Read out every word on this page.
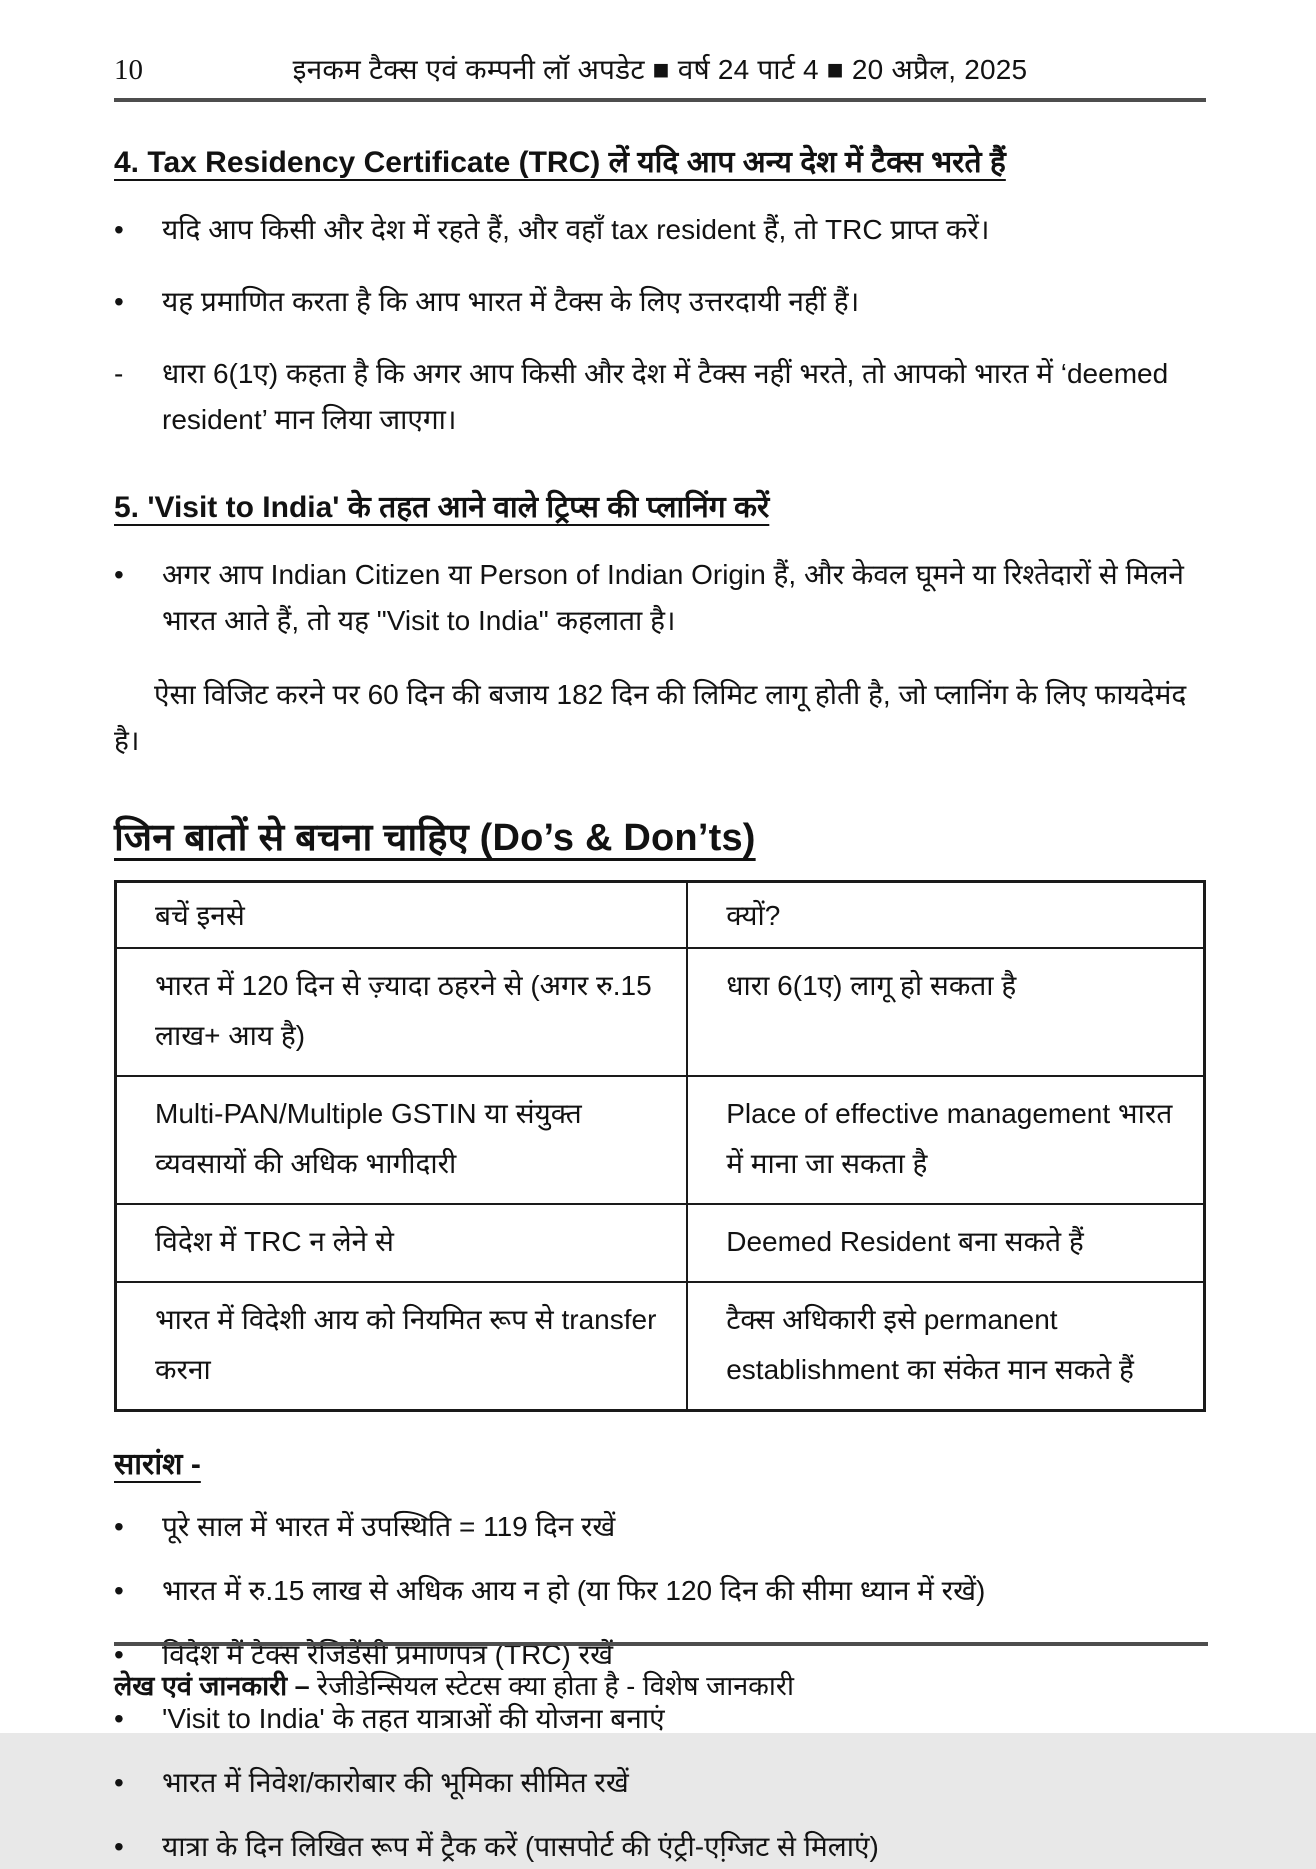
10	इनकम टैक्स एवं कम्पनी लॉ अपडेट ■ वर्ष 24 पार्ट 4 ■ 20 अप्रैल, 2025
4. Tax Residency Certificate (TRC) लें यदि आप अन्य देश में टैक्स भरते हैं
•	यदि आप किसी और देश में रहते हैं, और वहाँ tax resident हैं, तो TRC प्राप्त करें।
•	यह प्रमाणित करता है कि आप भारत में टैक्स के लिए उत्तरदायी नहीं हैं।
-	धारा 6(1ए) कहता है कि अगर आप किसी और देश में टैक्स नहीं भरते, तो आपको भारत में ‘deemed resident’ मान लिया जाएगा।
5. 'Visit to India' के तहत आने वाले ट्रिप्स की प्लानिंग करें
•	अगर आप Indian Citizen या Person of Indian Origin हैं, और केवल घूमने या रिश्तेदारों से मिलने भारत आते हैं, तो यह "Visit to India" कहलाता है।
ऐसा विजिट करने पर 60 दिन की बजाय 182 दिन की लिमिट लागू होती है, जो प्लानिंग के लिए फायदेमंद है।
जिन बातों से बचना चाहिए (Do’s & Don’ts)
बचें इनसे	क्यों?
भारत में 120 दिन से ज़्यादा ठहरने से (अगर रु.15 लाख+ आय है)	धारा 6(1ए) लागू हो सकता है
Multi-PAN/Multiple GSTIN या संयुक्त व्यवसायों की अधिक भागीदारी	Place of effective management भारत में माना जा सकता है
विदेश में TRC न लेने से	Deemed Resident बना सकते हैं
भारत में विदेशी आय को नियमित रूप से transfer करना	टैक्स अधिकारी इसे permanent establishment का संकेत मान सकते हैं
सारांश -
•	पूरे साल में भारत में उपस्थिति = 119 दिन रखें
•	भारत में रु.15 लाख से अधिक आय न हो (या फिर 120 दिन की सीमा ध्यान में रखें)
•	विदेश में टैक्स रेजिडेंसी प्रमाणपत्र (TRC) रखें
•	'Visit to India' के तहत यात्राओं की योजना बनाएं
•	भारत में निवेश/कारोबार की भूमिका सीमित रखें
•	यात्रा के दिन लिखित रूप में ट्रैक करें (पासपोर्ट की एंट्री-एग्जि़ट से मिलाएं)
लेख एवं जानकारी – रेजीडेन्सियल स्टेटस क्या होता है - विशेष जानकारी
